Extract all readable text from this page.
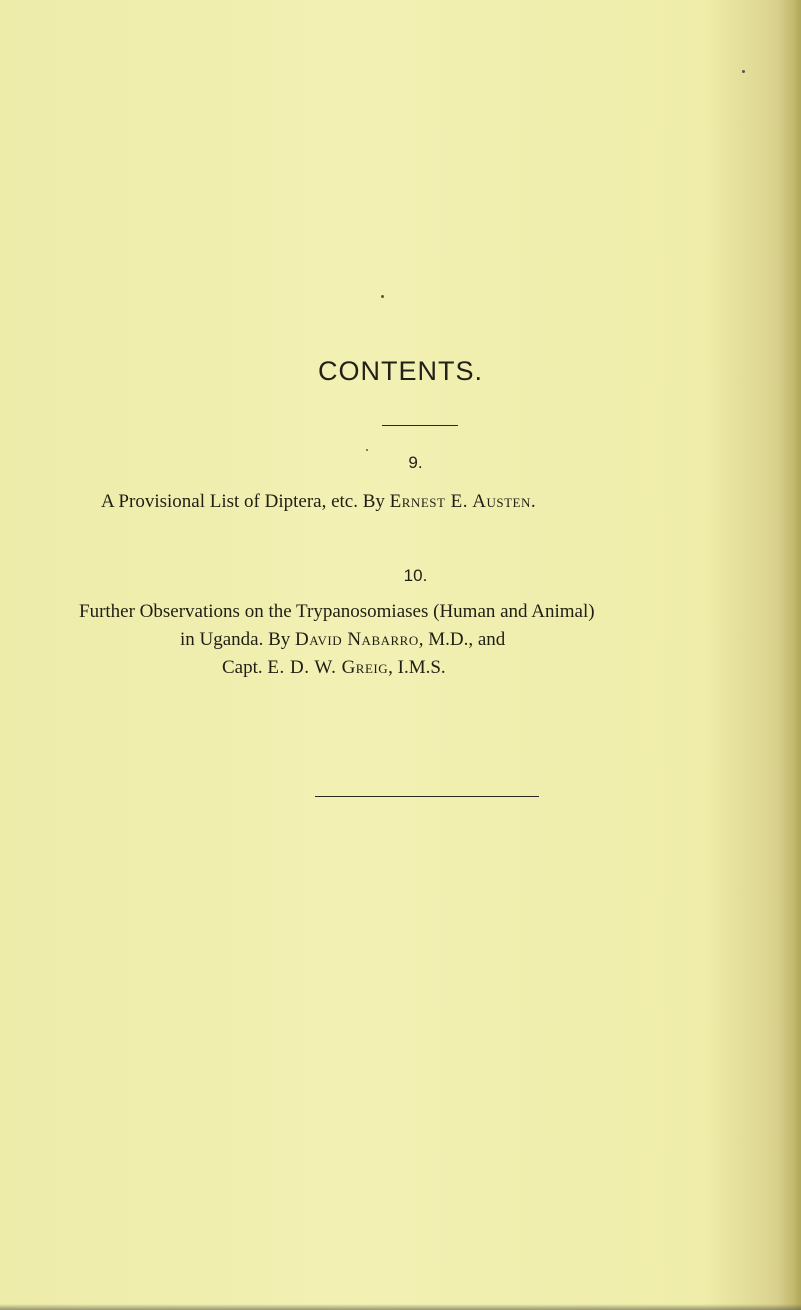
CONTENTS.
9.
A Provisional List of Diptera, etc. By Ernest E. Austen.
10.
Further Observations on the Trypanosomiases (Human and Animal)
in Uganda. By David Nabarro, M.D., and
Capt. E. D. W. Greig, I.M.S.
